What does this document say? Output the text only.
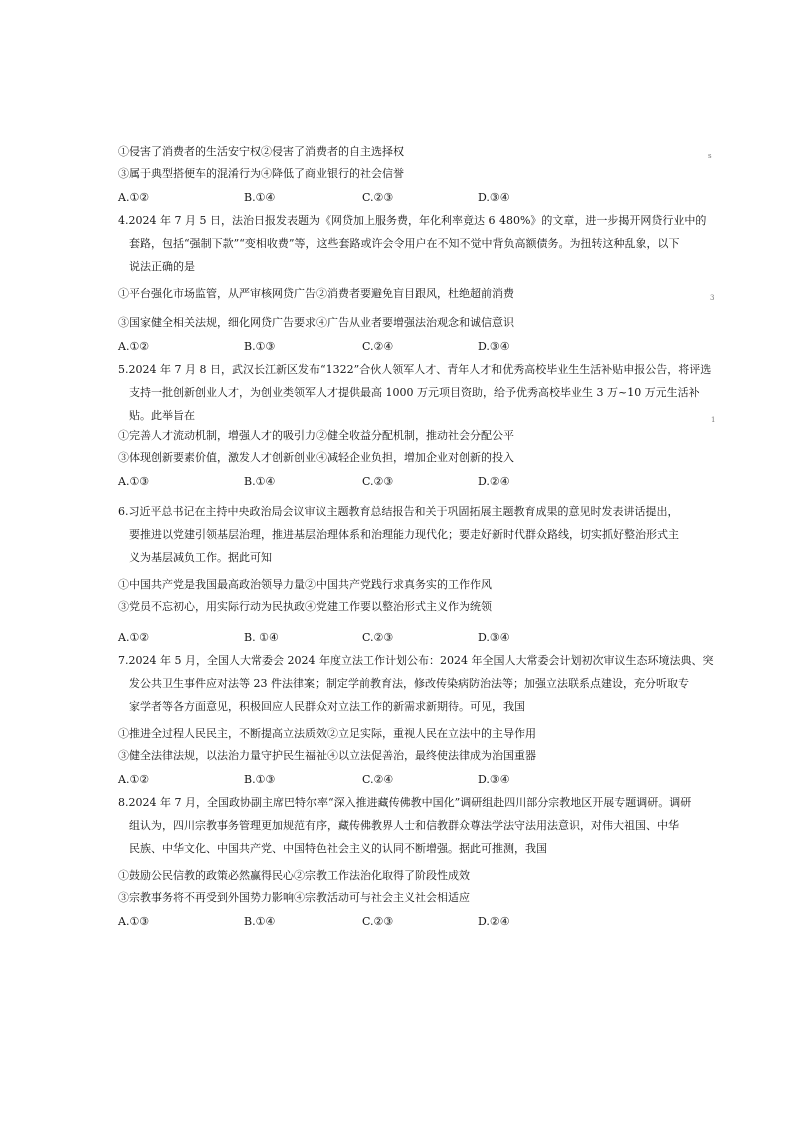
s
3
1
①侵害了消费者的生活安宁权②侵害了消费者的自主选择权
③属于典型搭便车的混淆行为④降低了商业银行的社会信誉
A.①②	B.①④	C.②③	D.③④
4.2024 年 7 月 5 日，法治日报发表题为《网贷加上服务费，年化利率竟达 6 480%》的文章，进一步揭开网贷行业中的
套路，包括“强制下款”“变相收费”等，这些套路或许会令用户在不知不觉中背负高额债务。为扭转这种乱象，以下
说法正确的是
①平台强化市场监管，从严审核网贷广告②消费者要避免盲目跟风，杜绝超前消费
③国家健全相关法规，细化网贷广告要求④广告从业者要增强法治观念和诚信意识
A.①②	B.①③	C.②④	D.③④
5.2024 年 7 月 8 日，武汉长江新区发布“1322”合伙人领军人才、青年人才和优秀高校毕业生生活补贴申报公告，将评选
支持一批创新创业人才，为创业类领军人才提供最高 1000 万元项目资助，给予优秀高校毕业生 3 万~10 万元生活补
贴。此举旨在
①完善人才流动机制，增强人才的吸引力②健全收益分配机制，推动社会分配公平
③体现创新要素价值，激发人才创新创业④减轻企业负担，增加企业对创新的投入
A.①③	B.①④	C.②③	D.②④
6.习近平总书记在主持中央政治局会议审议主题教育总结报告和关于巩固拓展主题教育成果的意见时发表讲话提出，
要推进以党建引领基层治理，推进基层治理体系和治理能力现代化；要走好新时代群众路线，切实抓好整治形式主
义为基层减负工作。据此可知
①中国共产党是我国最高政治领导力量②中国共产党践行求真务实的工作作风
③党员不忘初心，用实际行动为民执政④党建工作要以整治形式主义作为统领
A.①②	B. ①④	C.②③	D.③④
7.2024 年 5 月，全国人大常委会 2024 年度立法工作计划公布：2024 年全国人大常委会计划初次审议生态环境法典、突
发公共卫生事件应对法等 23 件法律案；制定学前教育法，修改传染病防治法等；加强立法联系点建设，充分听取专
家学者等各方面意见，积极回应人民群众对立法工作的新需求新期待。可见，我国
①推进全过程人民民主，不断提高立法质效②立足实际，重视人民在立法中的主导作用
③健全法律法规，以法治力量守护民生福祉④以立法促善治，最终使法律成为治国重器
A.①②	B.①③	C.②④	D.③④
8.2024 年 7 月，全国政协副主席巴特尔率“深入推进藏传佛教中国化”调研组赴四川部分宗教地区开展专题调研。调研
组认为，四川宗教事务管理更加规范有序，藏传佛教界人士和信教群众尊法学法守法用法意识，对伟大祖国、中华
民族、中华文化、中国共产党、中国特色社会主义的认同不断增强。据此可推测，我国
①鼓励公民信教的政策必然赢得民心②宗教工作法治化取得了阶段性成效
③宗教事务将不再受到外国势力影响④宗教活动可与社会主义社会相适应
A.①③	B.①④	C.②③	D.②④
